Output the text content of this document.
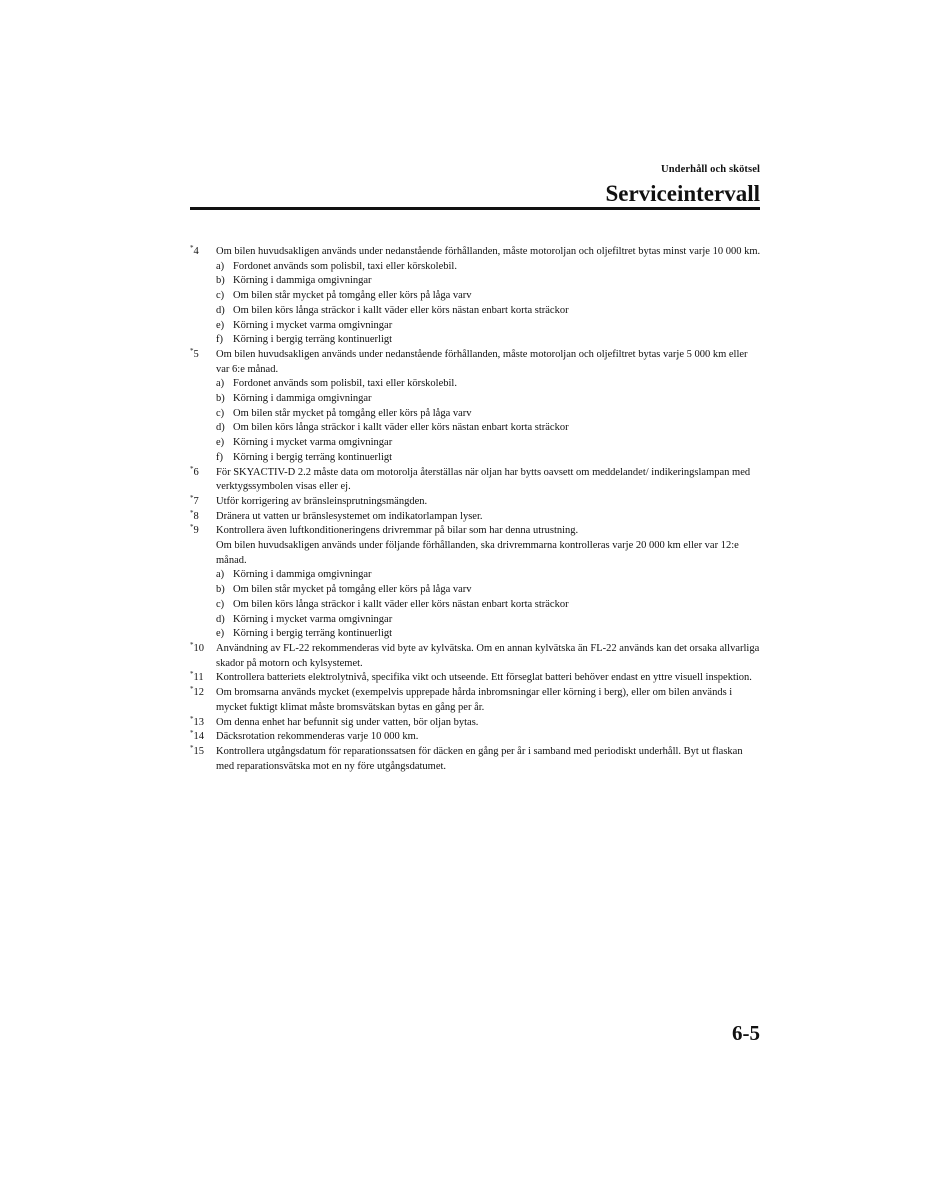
Underhåll och skötsel
Serviceintervall
*4	Om bilen huvudsakligen används under nedanstående förhållanden, måste motoroljan och oljefiltret bytas minst varje 10 000 km.

a) Fordonet används som polisbil, taxi eller körskolebil.
b) Körning i dammiga omgivningar
c) Om bilen står mycket på tomgång eller körs på låga varv
d) Om bilen körs långa sträckor i kallt väder eller körs nästan enbart korta sträckor
e) Körning i mycket varma omgivningar
f) Körning i bergig terräng kontinuerligt
*5	Om bilen huvudsakligen används under nedanstående förhållanden, måste motoroljan och oljefiltret bytas varje 5 000 km eller var 6:e månad.

a) Fordonet används som polisbil, taxi eller körskolebil.
b) Körning i dammiga omgivningar
c) Om bilen står mycket på tomgång eller körs på låga varv
d) Om bilen körs långa sträckor i kallt väder eller körs nästan enbart korta sträckor
e) Körning i mycket varma omgivningar
f) Körning i bergig terräng kontinuerligt
*6	För SKYACTIV-D 2.2 måste data om motorolja återställas när oljan har bytts oavsett om meddelandet/ indikeringslampan med verktygssymbolen visas eller ej.

*7	Utför korrigering av bränsleinsprutningsmängden.

*8	Dränera ut vatten ur bränslesystemet om indikatorlampan lyser.

*9	Kontrollera även luftkonditioneringens drivremmar på bilar som har denna utrustning.

Om bilen huvudsakligen används under följande förhållanden, ska drivremmarna kontrolleras varje 20 000 km eller var 12:e månad.

a) Körning i dammiga omgivningar
b) Om bilen står mycket på tomgång eller körs på låga varv
c) Om bilen körs långa sträckor i kallt väder eller körs nästan enbart korta sträckor
d) Körning i mycket varma omgivningar
e) Körning i bergig terräng kontinuerligt
*10	Användning av FL-22 rekommenderas vid byte av kylvätska. Om en annan kylvätska än FL-22 används kan det orsaka allvarliga skador på motorn och kylsystemet.

*11	Kontrollera batteriets elektrolytnivå, specifika vikt och utseende. Ett förseglat batteri behöver endast en yttre visuell inspektion.

*12	Om bromsarna används mycket (exempelvis upprepade hårda inbromsningar eller körning i berg), eller om bilen används i mycket fuktigt klimat måste bromsvätskan bytas en gång per år.

*13	Om denna enhet har befunnit sig under vatten, bör oljan bytas.

*14	Däcksrotation rekommenderas varje 10 000 km.

*15	Kontrollera utgångsdatum för reparationssatsen för däcken en gång per år i samband med periodiskt underhåll. Byt ut flaskan med reparationsvätska mot en ny före utgångsdatumet.

6-5
